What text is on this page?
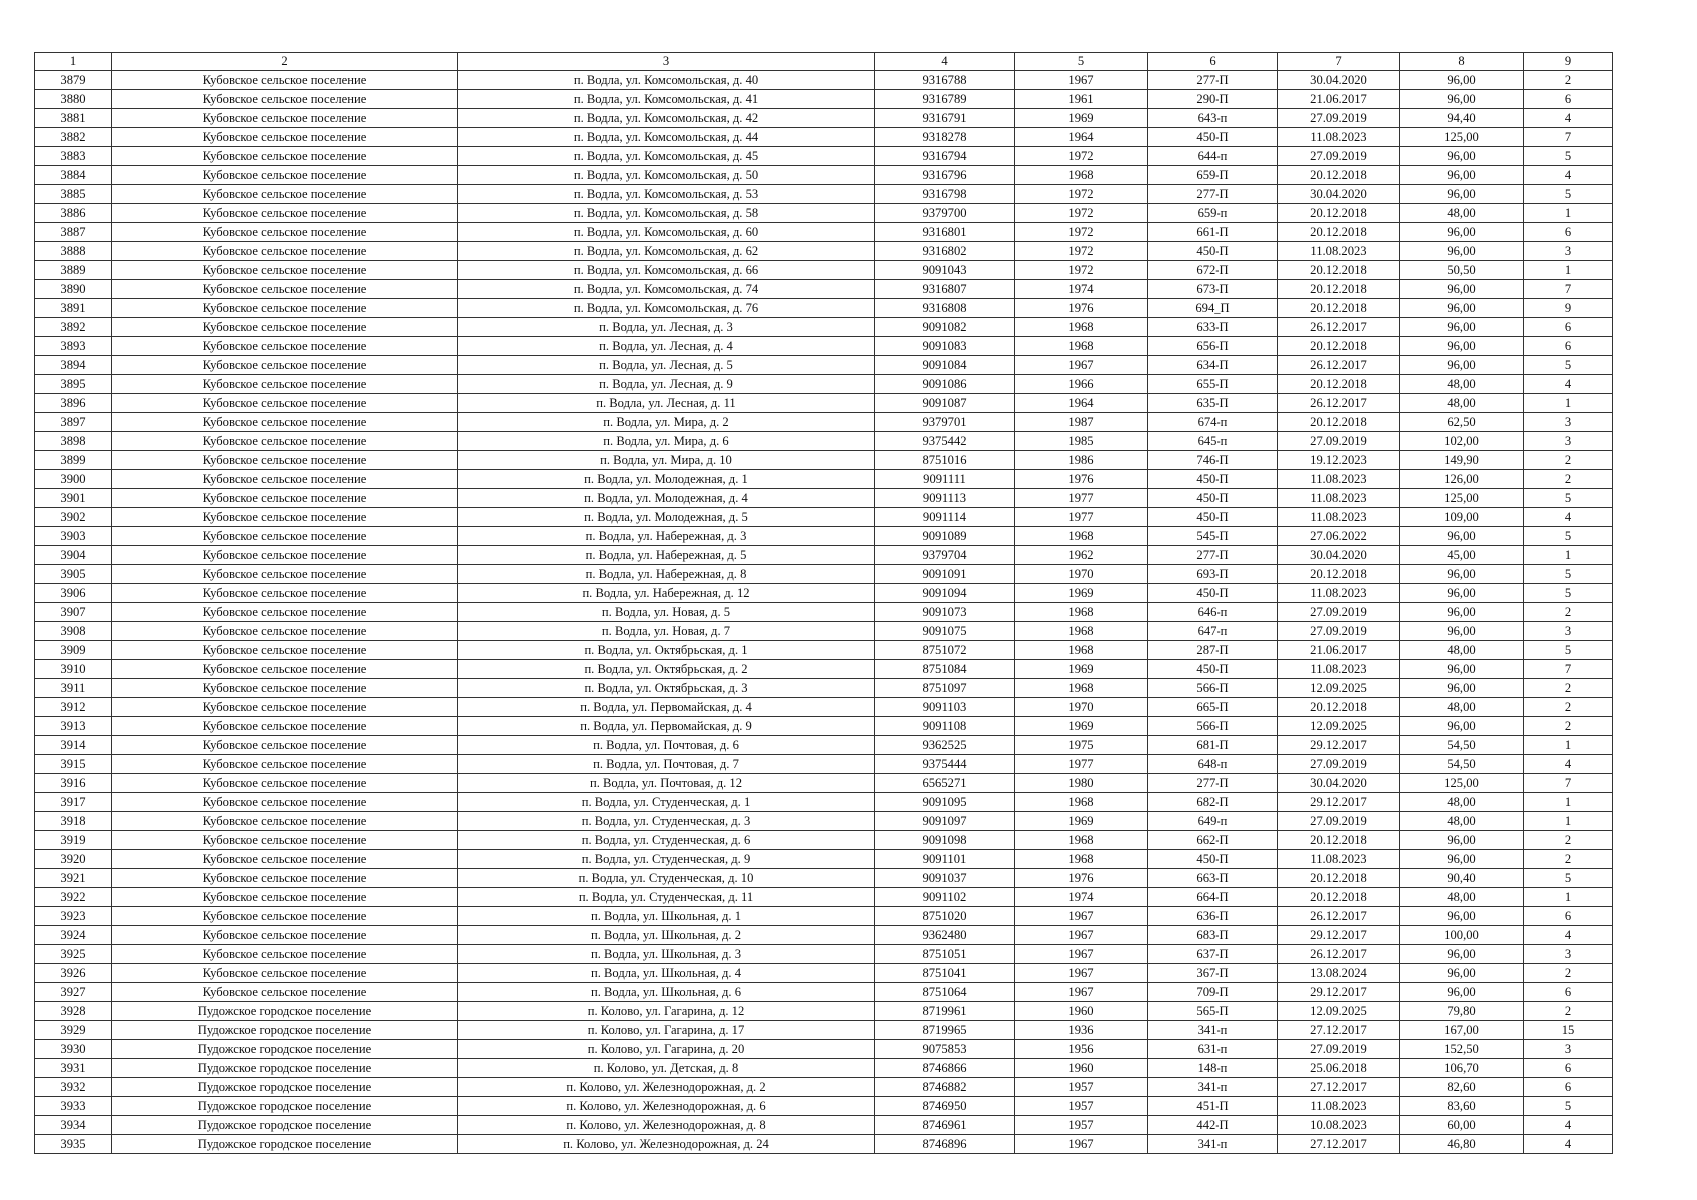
1	2	3	4	5	6	7	8	9
3879	Кубовское сельское поселение	п. Водла, ул. Комсомольская, д. 40	9316788	1967	277-П	30.04.2020	96,00	2
3880	Кубовское сельское поселение	п. Водла, ул. Комсомольская, д. 41	9316789	1961	290-П	21.06.2017	96,00	6
3881	Кубовское сельское поселение	п. Водла, ул. Комсомольская, д. 42	9316791	1969	643-п	27.09.2019	94,40	4
3882	Кубовское сельское поселение	п. Водла, ул. Комсомольская, д. 44	9318278	1964	450-П	11.08.2023	125,00	7
3883	Кубовское сельское поселение	п. Водла, ул. Комсомольская, д. 45	9316794	1972	644-п	27.09.2019	96,00	5
3884	Кубовское сельское поселение	п. Водла, ул. Комсомольская, д. 50	9316796	1968	659-П	20.12.2018	96,00	4
3885	Кубовское сельское поселение	п. Водла, ул. Комсомольская, д. 53	9316798	1972	277-П	30.04.2020	96,00	5
3886	Кубовское сельское поселение	п. Водла, ул. Комсомольская, д. 58	9379700	1972	659-п	20.12.2018	48,00	1
3887	Кубовское сельское поселение	п. Водла, ул. Комсомольская, д. 60	9316801	1972	661-П	20.12.2018	96,00	6
3888	Кубовское сельское поселение	п. Водла, ул. Комсомольская, д. 62	9316802	1972	450-П	11.08.2023	96,00	3
3889	Кубовское сельское поселение	п. Водла, ул. Комсомольская, д. 66	9091043	1972	672-П	20.12.2018	50,50	1
3890	Кубовское сельское поселение	п. Водла, ул. Комсомольская, д. 74	9316807	1974	673-П	20.12.2018	96,00	7
3891	Кубовское сельское поселение	п. Водла, ул. Комсомольская, д. 76	9316808	1976	694_П	20.12.2018	96,00	9
3892	Кубовское сельское поселение	п. Водла, ул. Лесная, д. 3	9091082	1968	633-П	26.12.2017	96,00	6
3893	Кубовское сельское поселение	п. Водла, ул. Лесная, д. 4	9091083	1968	656-П	20.12.2018	96,00	6
3894	Кубовское сельское поселение	п. Водла, ул. Лесная, д. 5	9091084	1967	634-П	26.12.2017	96,00	5
3895	Кубовское сельское поселение	п. Водла, ул. Лесная, д. 9	9091086	1966	655-П	20.12.2018	48,00	4
3896	Кубовское сельское поселение	п. Водла, ул. Лесная, д. 11	9091087	1964	635-П	26.12.2017	48,00	1
3897	Кубовское сельское поселение	п. Водла, ул. Мира, д. 2	9379701	1987	674-п	20.12.2018	62,50	3
3898	Кубовское сельское поселение	п. Водла, ул. Мира, д. 6	9375442	1985	645-п	27.09.2019	102,00	3
3899	Кубовское сельское поселение	п. Водла, ул. Мира, д. 10	8751016	1986	746-П	19.12.2023	149,90	2
3900	Кубовское сельское поселение	п. Водла, ул. Молодежная, д. 1	9091111	1976	450-П	11.08.2023	126,00	2
3901	Кубовское сельское поселение	п. Водла, ул. Молодежная, д. 4	9091113	1977	450-П	11.08.2023	125,00	5
3902	Кубовское сельское поселение	п. Водла, ул. Молодежная, д. 5	9091114	1977	450-П	11.08.2023	109,00	4
3903	Кубовское сельское поселение	п. Водла, ул. Набережная, д. 3	9091089	1968	545-П	27.06.2022	96,00	5
3904	Кубовское сельское поселение	п. Водла, ул. Набережная, д. 5	9379704	1962	277-П	30.04.2020	45,00	1
3905	Кубовское сельское поселение	п. Водла, ул. Набережная, д. 8	9091091	1970	693-П	20.12.2018	96,00	5
3906	Кубовское сельское поселение	п. Водла, ул. Набережная, д. 12	9091094	1969	450-П	11.08.2023	96,00	5
3907	Кубовское сельское поселение	п. Водла, ул. Новая, д. 5	9091073	1968	646-п	27.09.2019	96,00	2
3908	Кубовское сельское поселение	п. Водла, ул. Новая, д. 7	9091075	1968	647-п	27.09.2019	96,00	3
3909	Кубовское сельское поселение	п. Водла, ул. Октябрьская, д. 1	8751072	1968	287-П	21.06.2017	48,00	5
3910	Кубовское сельское поселение	п. Водла, ул. Октябрьская, д. 2	8751084	1969	450-П	11.08.2023	96,00	7
3911	Кубовское сельское поселение	п. Водла, ул. Октябрьская, д. 3	8751097	1968	566-П	12.09.2025	96,00	2
3912	Кубовское сельское поселение	п. Водла, ул. Первомайская, д. 4	9091103	1970	665-П	20.12.2018	48,00	2
3913	Кубовское сельское поселение	п. Водла, ул. Первомайская, д. 9	9091108	1969	566-П	12.09.2025	96,00	2
3914	Кубовское сельское поселение	п. Водла, ул. Почтовая, д. 6	9362525	1975	681-П	29.12.2017	54,50	1
3915	Кубовское сельское поселение	п. Водла, ул. Почтовая, д. 7	9375444	1977	648-п	27.09.2019	54,50	4
3916	Кубовское сельское поселение	п. Водла, ул. Почтовая, д. 12	6565271	1980	277-П	30.04.2020	125,00	7
3917	Кубовское сельское поселение	п. Водла, ул. Студенческая, д. 1	9091095	1968	682-П	29.12.2017	48,00	1
3918	Кубовское сельское поселение	п. Водла, ул. Студенческая, д. 3	9091097	1969	649-п	27.09.2019	48,00	1
3919	Кубовское сельское поселение	п. Водла, ул. Студенческая, д. 6	9091098	1968	662-П	20.12.2018	96,00	2
3920	Кубовское сельское поселение	п. Водла, ул. Студенческая, д. 9	9091101	1968	450-П	11.08.2023	96,00	2
3921	Кубовское сельское поселение	п. Водла, ул. Студенческая, д. 10	9091037	1976	663-П	20.12.2018	90,40	5
3922	Кубовское сельское поселение	п. Водла, ул. Студенческая, д. 11	9091102	1974	664-П	20.12.2018	48,00	1
3923	Кубовское сельское поселение	п. Водла, ул. Школьная, д. 1	8751020	1967	636-П	26.12.2017	96,00	6
3924	Кубовское сельское поселение	п. Водла, ул. Школьная, д. 2	9362480	1967	683-П	29.12.2017	100,00	4
3925	Кубовское сельское поселение	п. Водла, ул. Школьная, д. 3	8751051	1967	637-П	26.12.2017	96,00	3
3926	Кубовское сельское поселение	п. Водла, ул. Школьная, д. 4	8751041	1967	367-П	13.08.2024	96,00	2
3927	Кубовское сельское поселение	п. Водла, ул. Школьная, д. 6	8751064	1967	709-П	29.12.2017	96,00	6
3928	Пудожское городское поселение	п. Колово, ул. Гагарина, д. 12	8719961	1960	565-П	12.09.2025	79,80	2
3929	Пудожское городское поселение	п. Колово, ул. Гагарина, д. 17	8719965	1936	341-п	27.12.2017	167,00	15
3930	Пудожское городское поселение	п. Колово, ул. Гагарина, д. 20	9075853	1956	631-п	27.09.2019	152,50	3
3931	Пудожское городское поселение	п. Колово, ул. Детская, д. 8	8746866	1960	148-п	25.06.2018	106,70	6
3932	Пудожское городское поселение	п. Колово, ул. Железнодорожная, д. 2	8746882	1957	341-п	27.12.2017	82,60	6
3933	Пудожское городское поселение	п. Колово, ул. Железнодорожная, д. 6	8746950	1957	451-П	11.08.2023	83,60	5
3934	Пудожское городское поселение	п. Колово, ул. Железнодорожная, д. 8	8746961	1957	442-П	10.08.2023	60,00	4
3935	Пудожское городское поселение	п. Колово, ул. Железнодорожная, д. 24	8746896	1967	341-п	27.12.2017	46,80	4
